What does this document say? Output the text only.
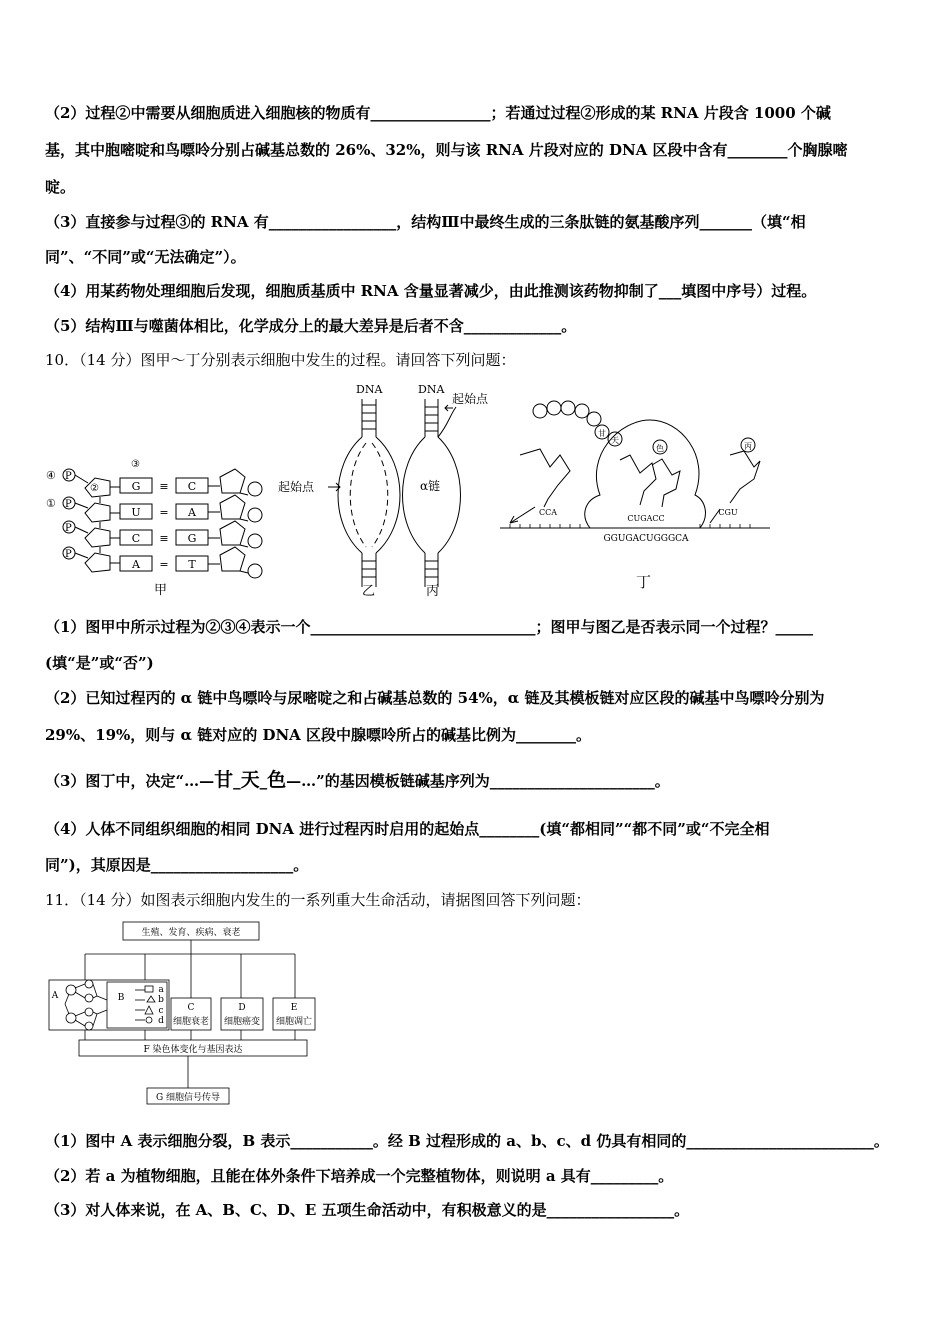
（2）过程②中需要从细胞质进入细胞核的物质有________________；若通过过程②形成的某 RNA 片段含 1000 个碱
基，其中胞嘧啶和鸟嘌呤分别占碱基总数的 26%、32%，则与该 RNA 片段对应的 DNA 区段中含有________个胸腺嘧
啶。
（3）直接参与过程③的 RNA 有_________________，结构Ⅲ中最终生成的三条肽链的氨基酸序列_______（填“相
同”、“不同”或“无法确定”）。
（4）用某药物处理细胞后发现，细胞质基质中 RNA 含量显著减少，由此推测该药物抑制了___填图中序号）过程。
（5）结构Ⅲ与噬菌体相比，化学成分上的最大差异是后者不含_____________。
10．（14 分）图甲～丁分别表示细胞中发生的过程。请回答下列问题：
④
①
P
P
P
P
②
③
G
U
C
A
≡
=
≡
=
C
A
G
T
甲
DNA
起始点
乙
DNA
起始点
α链
丙
甘
天
色	丙
CCA
CUGACC
CGU
GGUGACUGGGCA
丁
（1）图甲中所示过程为②③④表示一个______________________________；图甲与图乙是否表示同一个过程？_____
(填“是”或“否”)
（2）已知过程丙的 α 链中鸟嘌呤与尿嘧啶之和占碱基总数的 54%，α 链及其模板链对应区段的碱基中鸟嘌呤分别为
29%、19%，则与 α 链对应的 DNA 区段中腺嘌呤所占的碱基比例为________。
（3）图丁中，决定“…—甘_天_色—…”的基因模板链碱基序列为______________________。
（4）人体不同组织细胞的相同 DNA 进行过程丙时启用的起始点________(填“都相同”“都不同”或“不完全相
同”)，其原因是___________________。
11．（14 分）如图表示细胞内发生的一系列重大生命活动，请据图回答下列问题：
生殖、发育、疾病、衰老
A	B
a
b
c
d
C
细胞衰老
D
细胞癌变
E
细胞凋亡
F 染色体变化与基因表达
G 细胞信号传导
（1）图中 A 表示细胞分裂，B 表示___________。经 B 过程形成的 a、b、c、d 仍具有相同的_________________________。
（2）若 a 为植物细胞，且能在体外条件下培养成一个完整植物体，则说明 a 具有_________。
（3）对人体来说，在 A、B、C、D、E 五项生命活动中，有积极意义的是_________________。
